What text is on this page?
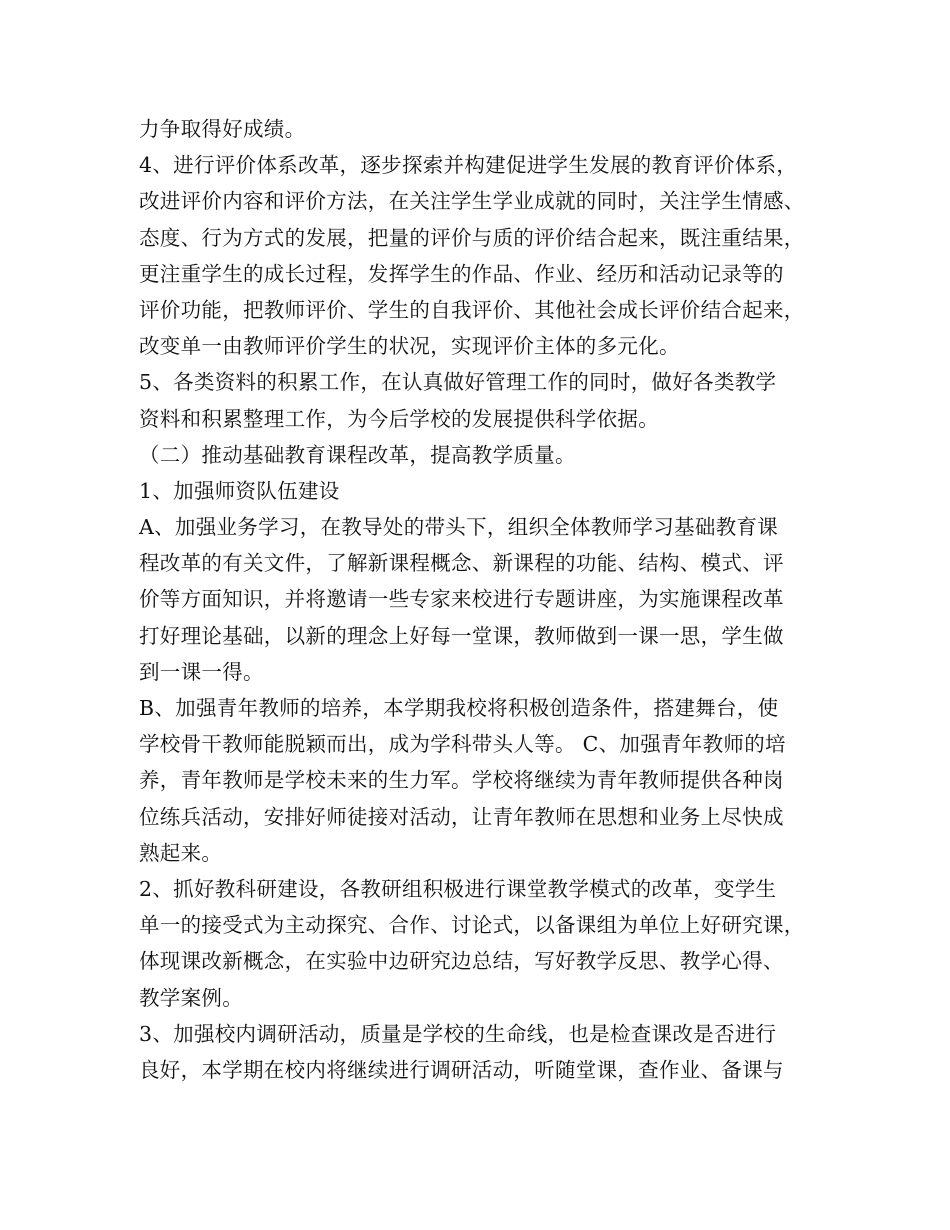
力争取得好成绩。
4、进行评价体系改革，逐步探索并构建促进学生发展的教育评价体系，
改进评价内容和评价方法，在关注学生学业成就的同时，关注学生情感、
态度、行为方式的发展，把量的评价与质的评价结合起来，既注重结果，
更注重学生的成长过程，发挥学生的作品、作业、经历和活动记录等的
评价功能，把教师评价、学生的自我评价、其他社会成长评价结合起来，
改变单一由教师评价学生的状况，实现评价主体的多元化。
5、各类资料的积累工作，在认真做好管理工作的同时，做好各类教学
资料和积累整理工作，为今后学校的发展提供科学依据。
（二）推动基础教育课程改革，提高教学质量。
1、加强师资队伍建设
A、加强业务学习，在教导处的带头下，组织全体教师学习基础教育课
程改革的有关文件，了解新课程概念、新课程的功能、结构、模式、评
价等方面知识，并将邀请一些专家来校进行专题讲座，为实施课程改革
打好理论基础，以新的理念上好每一堂课，教师做到一课一思，学生做
到一课一得。
B、加强青年教师的培养，本学期我校将积极创造条件，搭建舞台，使
学校骨干教师能脱颖而出，成为学科带头人等。 C、加强青年教师的培
养，青年教师是学校未来的生力军。学校将继续为青年教师提供各种岗
位练兵活动，安排好师徒接对活动，让青年教师在思想和业务上尽快成
熟起来。
2、抓好教科研建设，各教研组积极进行课堂教学模式的改革，变学生
单一的接受式为主动探究、合作、讨论式，以备课组为单位上好研究课，
体现课改新概念，在实验中边研究边总结，写好教学反思、教学心得、
教学案例。
3、加强校内调研活动，质量是学校的生命线，也是检查课改是否进行
良好，本学期在校内将继续进行调研活动，听随堂课，查作业、备课与
